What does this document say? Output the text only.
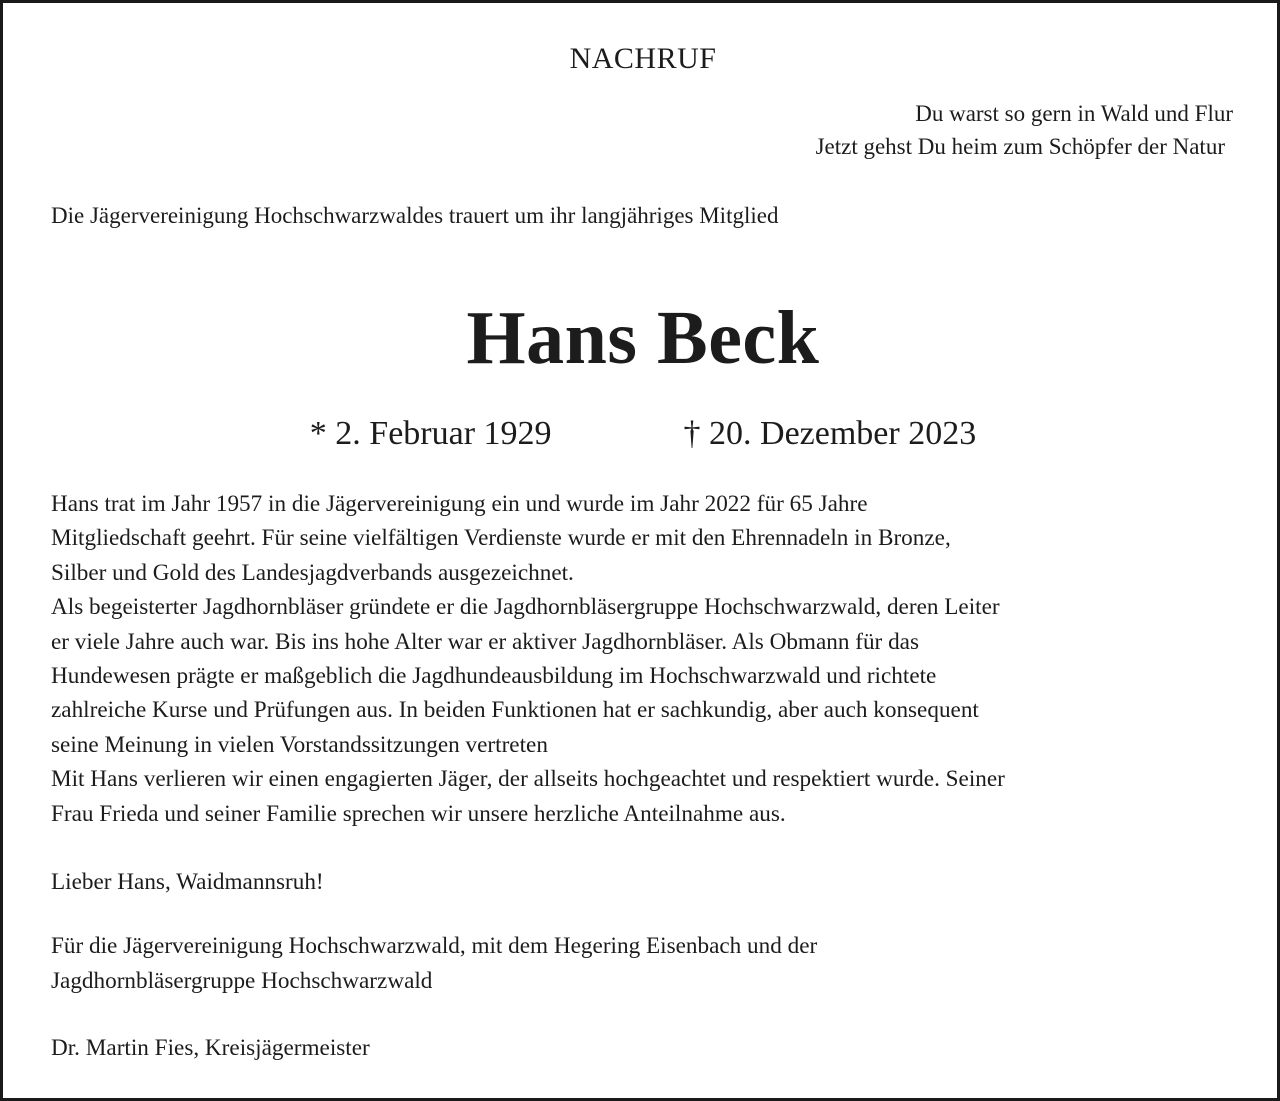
NACHRUF
Du warst so gern in Wald und Flur
Jetzt gehst Du heim zum Schöpfer der Natur
Die Jägervereinigung Hochschwarzwaldes trauert um ihr langjähriges Mitglied
Hans Beck
* 2. Februar 1929	† 20. Dezember 2023

Hans trat im Jahr 1957 in die Jägervereinigung ein und wurde im Jahr 2022 für 65 Jahre

Mitgliedschaft geehrt. Für seine vielfältigen Verdienste wurde er mit den Ehrennadeln in Bronze,

Silber und Gold des Landesjagdverbands ausgezeichnet.

Als begeisterter Jagdhornbläser gründete er die Jagdhornbläsergruppe Hochschwarzwald, deren Leiter

er viele Jahre auch war. Bis ins hohe Alter war er aktiver Jagdhornbläser. Als Obmann für das

Hundewesen prägte er maßgeblich die Jagdhundeausbildung im Hochschwarzwald und richtete

zahlreiche Kurse und Prüfungen aus. In beiden Funktionen hat er sachkundig, aber auch konsequent

seine Meinung in vielen Vorstandssitzungen vertreten

Mit Hans verlieren wir einen engagierten Jäger, der allseits hochgeachtet und respektiert wurde. Seiner

Frau Frieda und seiner Familie sprechen wir unsere herzliche Anteilnahme aus.

Lieber Hans, Waidmannsruh!
Für die Jägervereinigung Hochschwarzwald, mit dem Hegering Eisenbach und der
Jagdhornbläsergruppe Hochschwarzwald
Dr. Martin Fies, Kreisjägermeister
